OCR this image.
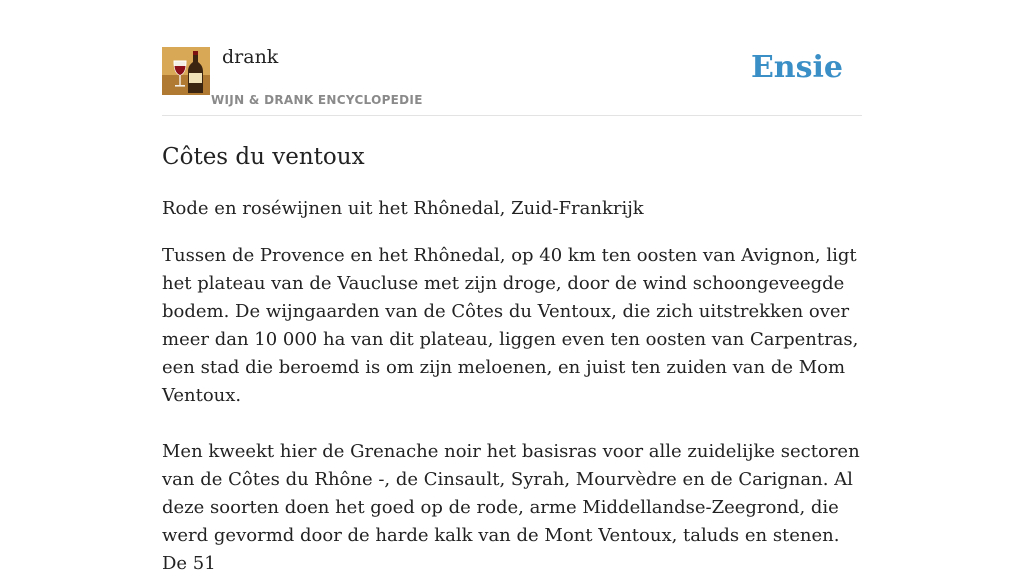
drank
WIJN & DRANK ENCYCLOPEDIE
Ensie
Côtes du ventoux
Rode en roséwijnen uit het Rhônedal, Zuid-Frankrijk

Tussen de Provence en het Rhônedal, op 40 km ten oosten van Avignon, ligt het plateau van de Vaucluse met zijn droge, door de wind schoongeveegde bodem. De wijngaarden van de Côtes du Ventoux, die zich uitstrekken over meer dan 10 000 ha van dit plateau, liggen even ten oosten van Carpentras, een stad die beroemd is om zijn meloenen, en juist ten zuiden van de Mom Ventoux.

Men kweekt hier de Grenache noir het basisras voor alle zuidelijke sectoren van de Côtes du Rhône -, de Cinsault, Syrah, Mourvèdre en de Carignan. Al deze soorten doen het goed op de rode, arme Middellandse-Zeegrond, die werd gevormd door de harde kalk van de Mont Ventoux, taluds en stenen. De 51
